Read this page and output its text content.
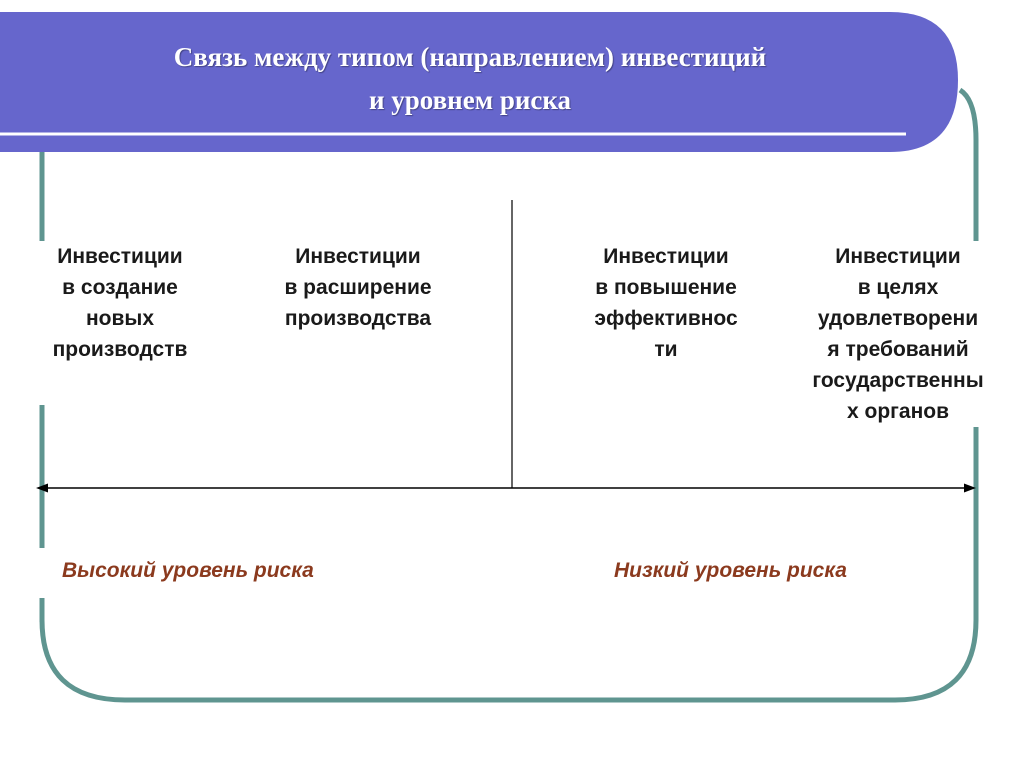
Связь между типом (направлением) инвестиций
и уровнем риска
Инвестиции
в создание
новых
производств
Инвестиции
в расширение
производства
Инвестиции
в повышение
эффективнос
ти
Инвестиции
в целях
удовлетворени
я требований
государственны
х органов
Высокий уровень риска	Низкий уровень риска
